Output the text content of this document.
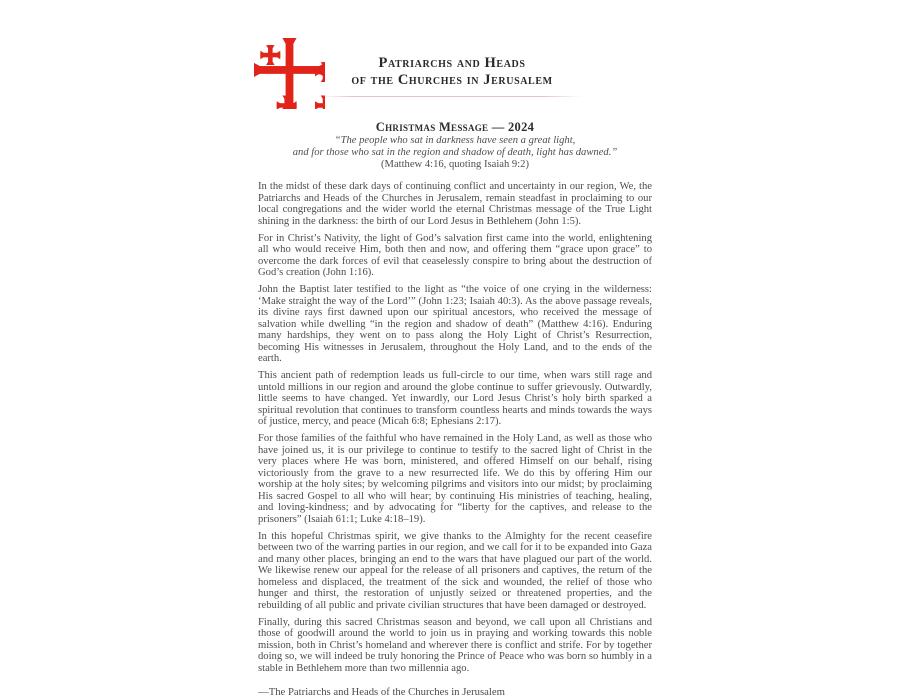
Patriarchs and Heads
of the Churches in Jerusalem
Christmas Message — 2024
“The people who sat in darkness have seen a great light,
and for those who sat in the region and shadow of death, light has dawned.”
(Matthew 4:16, quoting Isaiah 9:2)

In the midst of these dark days of continuing conflict and uncertainty in our region, We, the Patriarchs and Heads of the Churches in Jerusalem, remain steadfast in proclaiming to our local congregations and the wider world the eternal Christmas message of the True Light shining in the darkness: the birth of our Lord Jesus in Bethlehem (John 1:5).

For in Christ’s Nativity, the light of God’s salvation first came into the world, enlightening all who would receive Him, both then and now, and offering them “grace upon grace” to overcome the dark forces of evil that ceaselessly conspire to bring about the destruction of God’s creation (John 1:16).

John the Baptist later testified to the light as “the voice of one crying in the wilderness: ‘Make straight the way of the Lord’” (John 1:23; Isaiah 40:3). As the above passage reveals, its divine rays first dawned upon our spiritual ancestors, who received the message of salvation while dwelling “in the region and shadow of death” (Matthew 4:16). Enduring many hardships, they went on to pass along the Holy Light of Christ’s Resurrection, becoming His witnesses in Jerusalem, throughout the Holy Land, and to the ends of the earth.

This ancient path of redemption leads us full-circle to our time, when wars still rage and untold millions in our region and around the globe continue to suffer grievously. Outwardly, little seems to have changed. Yet inwardly, our Lord Jesus Christ’s holy birth sparked a spiritual revolution that continues to transform countless hearts and minds towards the ways of justice, mercy, and peace (Micah 6:8; Ephesians 2:17).

For those families of the faithful who have remained in the Holy Land, as well as those who have joined us, it is our privilege to continue to testify to the sacred light of Christ in the very places where He was born, ministered, and offered Himself on our behalf, rising victoriously from the grave to a new resurrected life. We do this by offering Him our worship at the holy sites; by welcoming pilgrims and visitors into our midst; by proclaiming His sacred Gospel to all who will hear; by continuing His ministries of teaching, healing, and loving-kindness; and by advocating for “liberty for the captives, and release to the prisoners” (Isaiah 61:1; Luke 4:18–19).

In this hopeful Christmas spirit, we give thanks to the Almighty for the recent ceasefire between two of the warring parties in our region, and we call for it to be expanded into Gaza and many other places, bringing an end to the wars that have plagued our part of the world. We likewise renew our appeal for the release of all prisoners and captives, the return of the homeless and displaced, the treatment of the sick and wounded, the relief of those who hunger and thirst, the restoration of unjustly seized or threatened properties, and the rebuilding of all public and private civilian structures that have been damaged or destroyed.

Finally, during this sacred Christmas season and beyond, we call upon all Christians and those of goodwill around the world to join us in praying and working towards this noble mission, both in Christ’s homeland and wherever there is conflict and strife. For by together doing so, we will indeed be truly honoring the Prince of Peace who was born so humbly in a stable in Bethlehem more than two millennia ago.

—The Patriarchs and Heads of the Churches in Jerusalem
